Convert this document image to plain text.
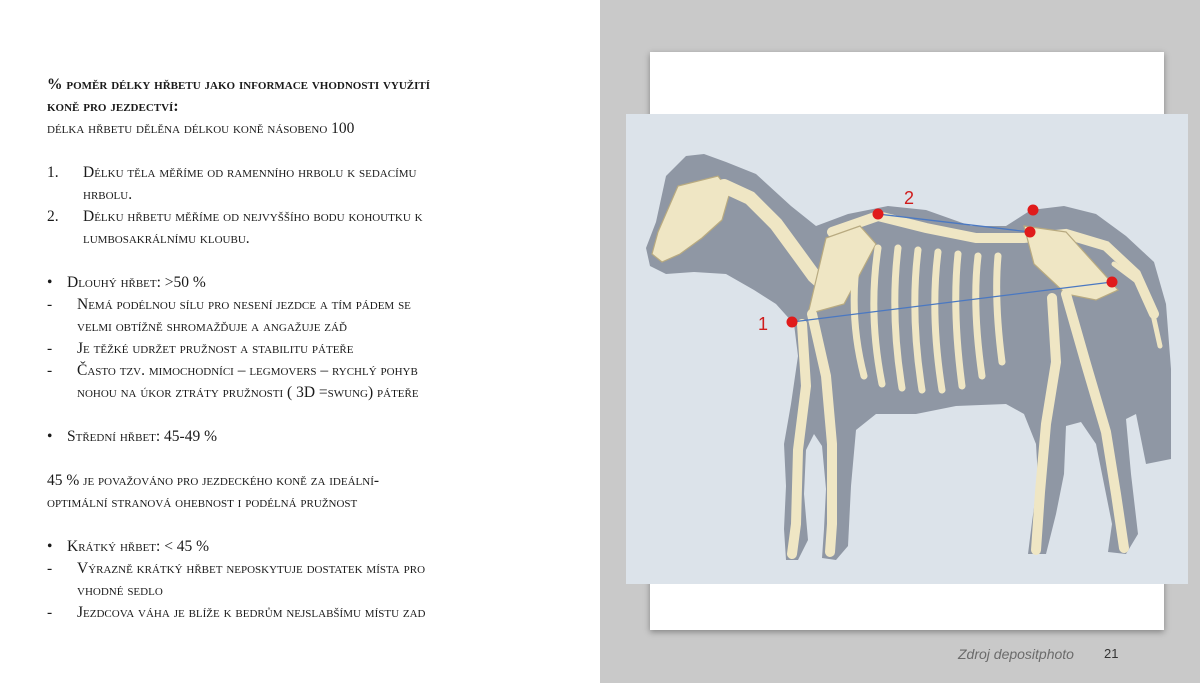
% poměr délky hřbetu jako informace vhodnosti využití
koně pro jezdectví:
délka hřbetu dělěna délkou koně násobeno 100
1.	Délku těla měříme od ramenního hrbolu k sedacímu
hrbolu.
2.	Délku hřbetu měříme od nejvyššího bodu kohoutku k
lumbosakrálnímu kloubu.
• Dlouhý hřbet: >50 %
-	Nemá podélnou sílu pro nesení jezdce a tím pádem se
velmi obtížně shromažďuje a angažuje záď
-	Je těžké udržet pružnost a stabilitu páteře
-	Často tzv. mimochodníci – legmovers – rychlý pohyb
nohou na úkor ztráty pružnosti ( 3D =swung) páteře
• Střední hřbet: 45-49 %
45 % je považováno pro jezdeckého koně za ideální-
optimální stranová ohebnost i podélná pružnost
• Krátký hřbet: < 45 %
-	Výrazně krátký hřbet neposkytuje dostatek místa pro
vhodné sedlo
-	Jezdcova váha je blíže k bedrům nejslabšímu místu zad
1
2
Zdroj depositphoto 21
